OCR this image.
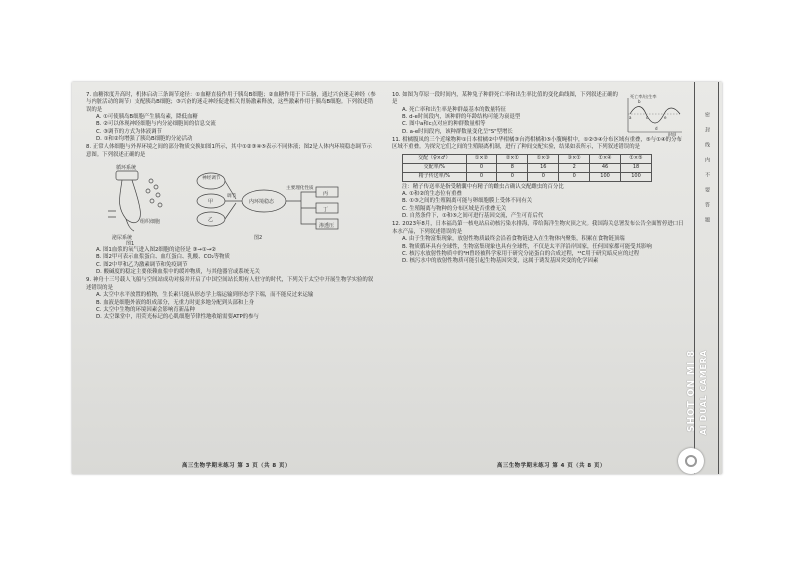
7. 血糖浓度升高时，机体启动三条调节途径：①血糖直接作用于胰岛B细胞；②血糖作用于下丘脑，通过兴奋迷走神经（参与内脏活动的调节）支配胰岛B细胞；③兴奋的迷走神经促进相关胃肠激素释放，这些激素作用于胰岛B细胞。下列叙述错误的是
A. ①可使胰岛B细胞产生胰岛素，降低血糖
B. ②可以体现神经细胞与内分泌细胞间的信息交流
C. ③调节的方式为体液调节
D. ①和②均增强了胰岛B细胞的分泌活动
8. 正常人体细胞与外界环境之间的部分物质交换如图1所示，其中①②③④⑤表示不同体液；图2是人体内环境稳态调节示意图。下列叙述正确的是
循环系统
泌尿系统
图1
组织细胞
神经调节
甲
乙
调节
内环境稳态
主要理化性质
丙
丁
渗透压
图2
A. 图1血浆的氧气进入图2细胞的途径是 ③→①→②
B. 图2甲可表示血浆蛋白、血红蛋白、乳酸、CO₂等物质
C. 图2中甲和乙为激素调节和免疫调节
D. 酸碱度的稳定主要依赖血浆中的缓冲物质，与其他器官或系统无关
9. 神舟十三号载人飞船与空间站成功对接并开启了中国空间站长期有人驻守的时代，下列关于太空中开展生物学实验的叙述错误的是
A. 太空中水平放置的植物，生长素只能从形态学上端运输到形态学下端，而不能反过来运输
B. 血液是细胞外液的组成部分，无重力时更多地分配到头部和上身
C. 太空中生物的环境因素会影响育新品种
D. 太空课堂中，用荧光标记的心肌细胞节律性地收缩需要ATP的参与
高三生物学期末练习 第 3 页（共 8 页）
10. 如图为草原一段时间内，某种兔子种群死亡率和出生率比值的变化曲线图，下列叙述正确的是
死亡率/出生率
时间
a
b
c
d
e
A. 死亡率和出生率是种群最基本的数量特征
B. d-e时间段内，该种群的年龄结构可能为衰退型
C. 图中a和c点对应的种群数量相等
D. a-e时间段内，该种群数量变化呈"S"型增长
11. 柑橘腹凤的三个近缘物种①日本柑橘②中华柑橘③台湾柑橘和⑤小腹蝇柑中，①②③④分布区域有重叠，⑤与①④的分布区域不重叠。为探究它们之间的生殖隔离机制，进行了种间交配实验，结果如表所示，下列叙述错误的是
交配（♀×♂）	①×②	②×①	①×③	③×①	①×④	①×⑤
交配率/%	0	8	16	2	46	18
精子传送率/%	0	0	0	0	100	100
注：精子传送率是指受精囊中有精子的雌虫占确认交配雌虫的百分比
A. ①和②的生态位有重叠
B. ①③之间的生殖隔离可能与卵细胞膜上受体不同有关
C. 生殖隔离与物种的分布区域是否重叠无关
D. 自然条件下，①和⑤之间可进行基因交流，产生可育后代
12. 2023年8月，日本福岛第一核电站启动核污染水排海，带给海洋生物灾顶之灾。我国海关总署发布公告全面暂停进口日本水产品，下列叙述错误的是
A. 由于生物富集现象，放射性物质最终会沿着食物链进入在生物体内聚集，积累在食物链顶端
B. 物质循环具有全球性，生物富集现象也具有全球性，不仅是太平洋沿岸国家，任何国家都可能受其影响
C. 核污水放射性物质中的³H曾经被科学家用于研究分泌蛋白的合成过程，¹⁴C用于研究暗反应的过程
D. 核污水中的放射性物质可能引起生物基因突变，这属于诱发基因突变的化学因素
高三生物学期末练习 第 4 页（共 8 页）
密封线内不要答题
SHOT ON MI 8 AI DUAL CAMERA
